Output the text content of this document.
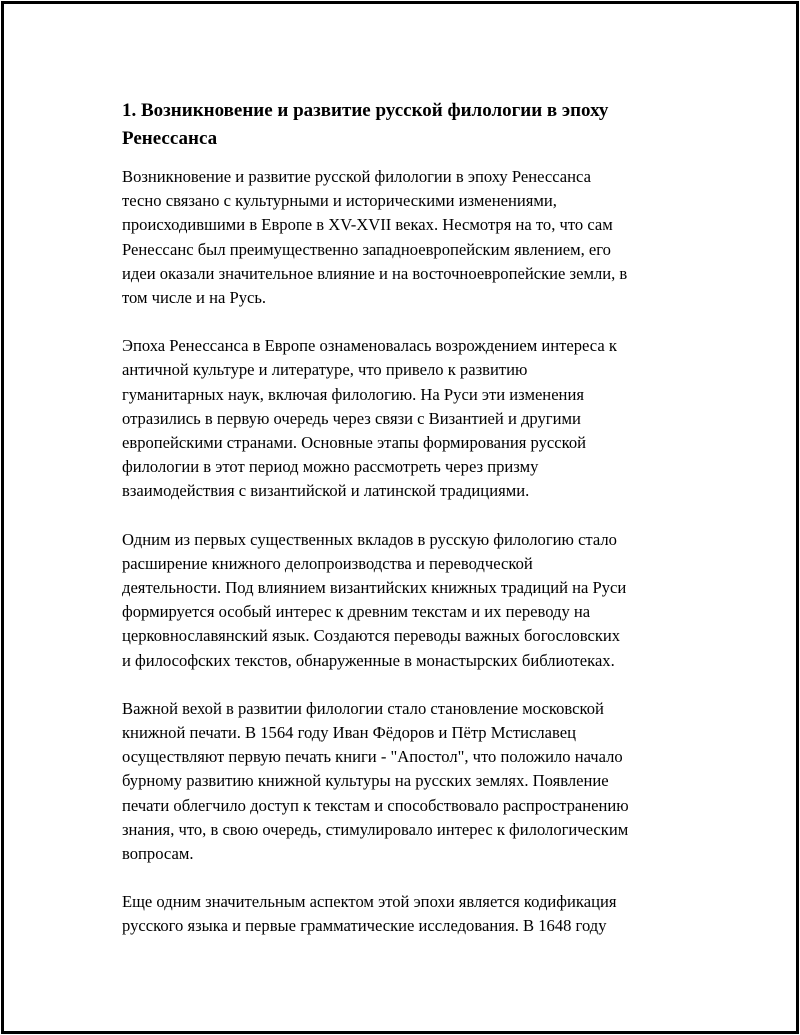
1. Возникновение и развитие русской филологии в эпоху
Ренессанса

Возникновение и развитие русской филологии в эпоху Ренессанса
тесно связано с культурными и историческими изменениями,
происходившими в Европе в XV-XVII веках. Несмотря на то, что сам
Ренессанс был преимущественно западноевропейским явлением, его
идеи оказали значительное влияние и на восточноевропейские земли, в
том числе и на Русь.

Эпоха Ренессанса в Европе ознаменовалась возрождением интереса к
античной культуре и литературе, что привело к развитию
гуманитарных наук, включая филологию. На Руси эти изменения
отразились в первую очередь через связи с Византией и другими
европейскими странами. Основные этапы формирования русской
филологии в этот период можно рассмотреть через призму
взаимодействия с византийской и латинской традициями.

Одним из первых существенных вкладов в русскую филологию стало
расширение книжного делопроизводства и переводческой
деятельности. Под влиянием византийских книжных традиций на Руси
формируется особый интерес к древним текстам и их переводу на
церковнославянский язык. Создаются переводы важных богословских
и философских текстов, обнаруженные в монастырских библиотеках.

Важной вехой в развитии филологии стало становление московской
книжной печати. В 1564 году Иван Фёдоров и Пётр Мстиславец
осуществляют первую печать книги - "Апостол", что положило начало
бурному развитию книжной культуры на русских землях. Появление
печати облегчило доступ к текстам и способствовало распространению
знания, что, в свою очередь, стимулировало интерес к филологическим
вопросам.

Еще одним значительным аспектом этой эпохи является кодификация
русского языка и первые грамматические исследования. В 1648 году
